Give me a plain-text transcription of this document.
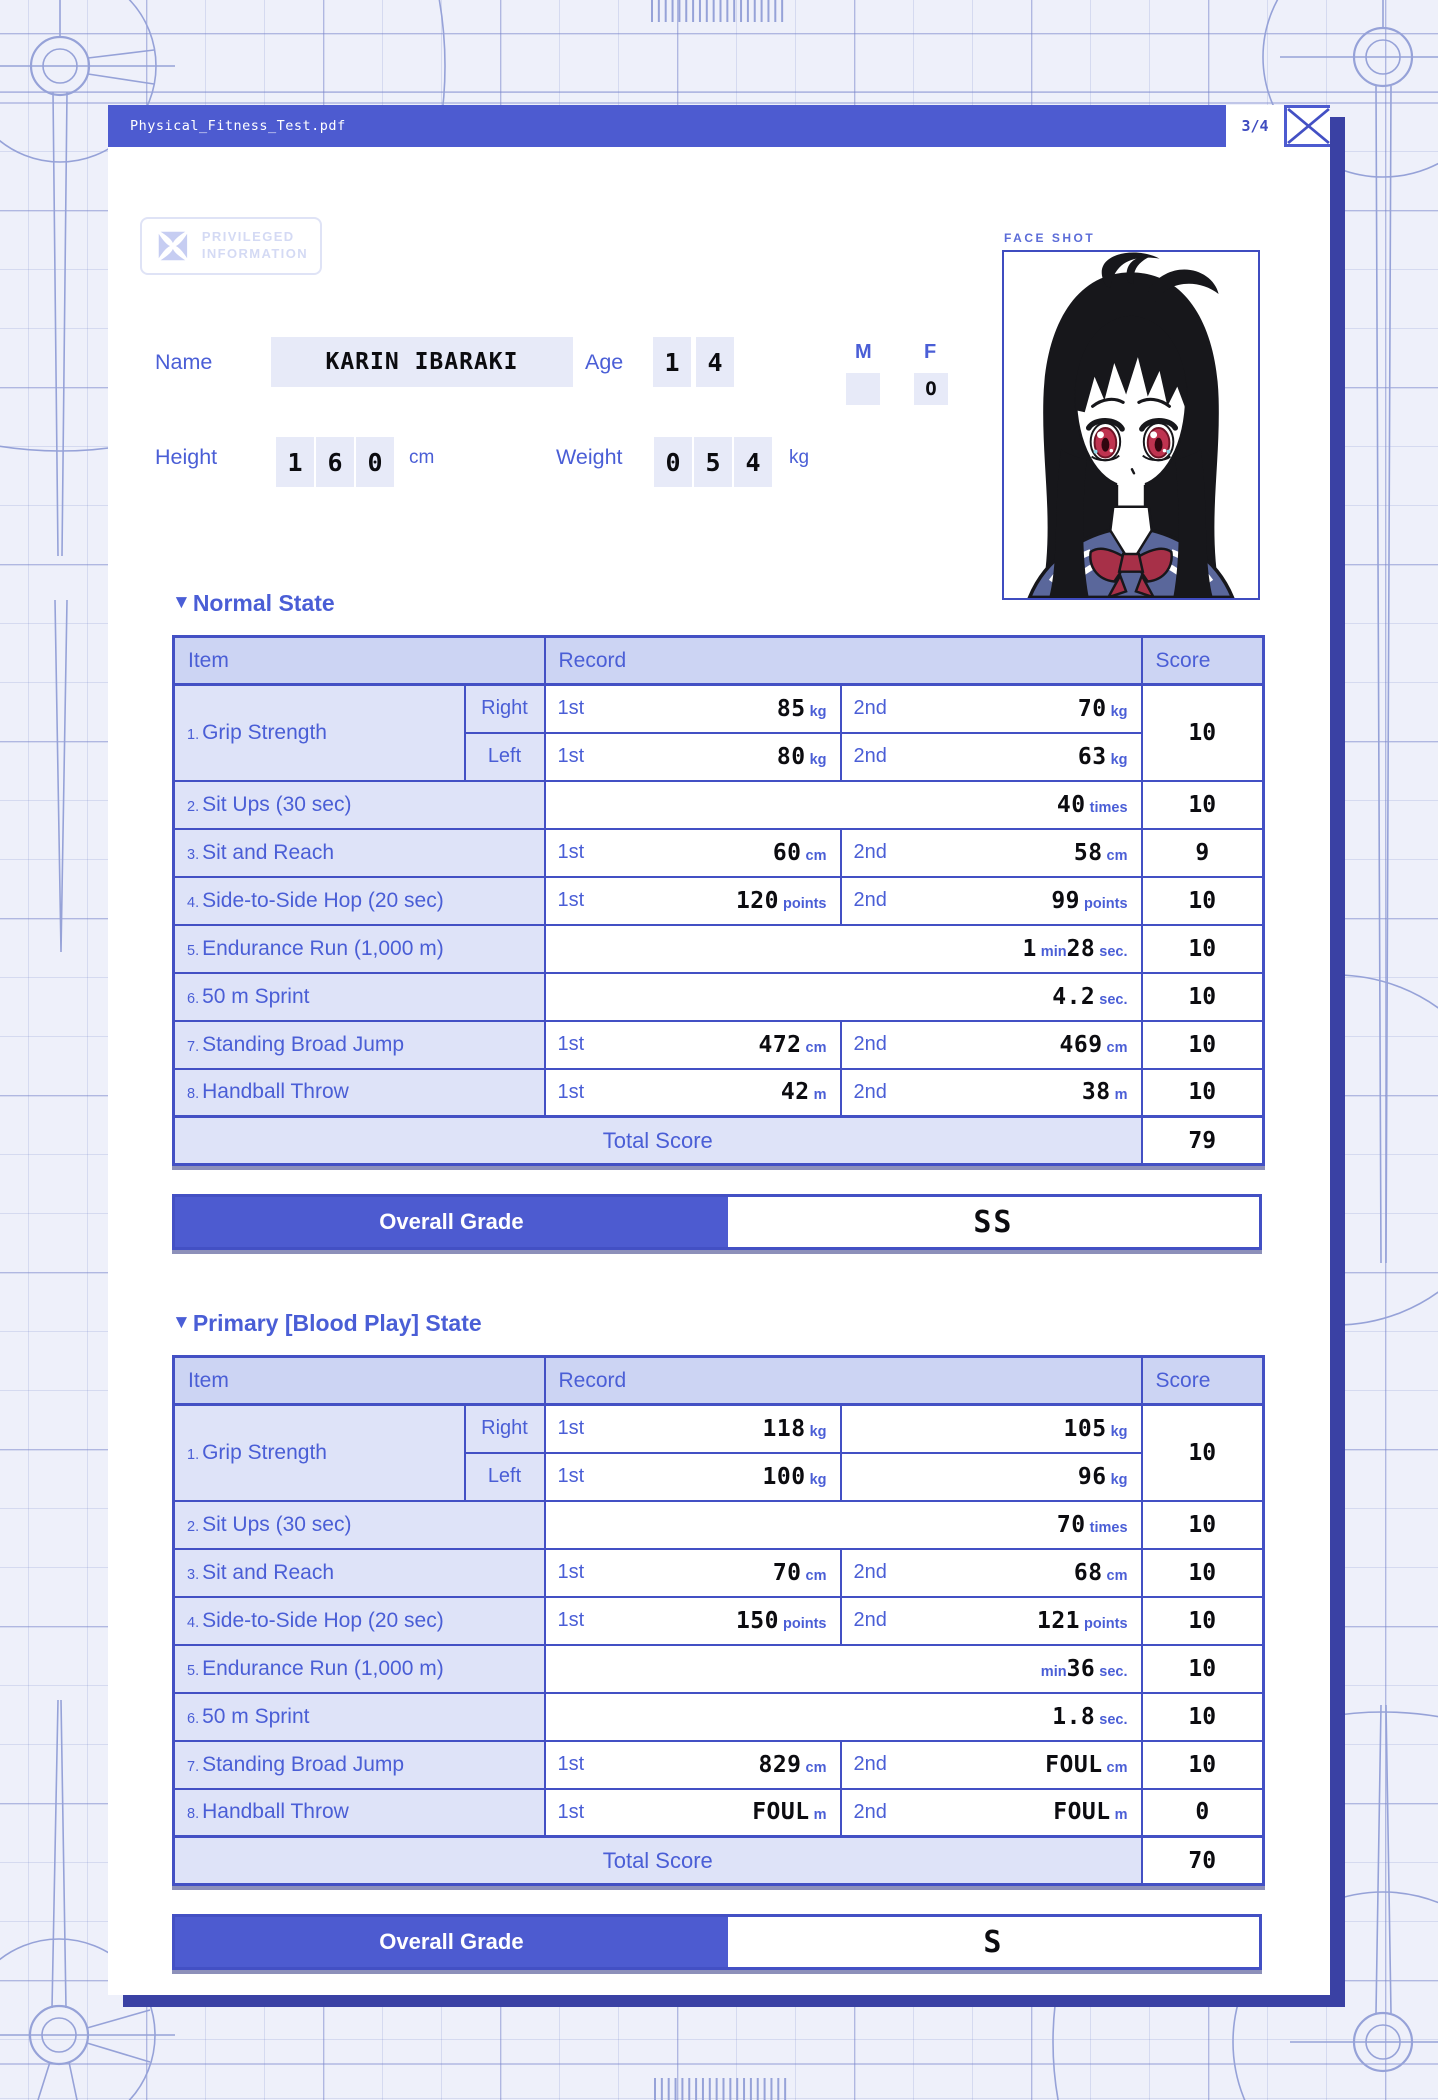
Physical_Fitness_Test.pdf	3/4
PRIVILEGED
INFORMATION
FACE SHOT
Name	KARIN IBARAKI	Age	1	4	M	F
O
Height	1 6 0	cm	Weight	0 5 4	kg
▼ Normal State
Item		Record		Score
1. Grip Strength	Right	1st 85 kg	2nd 70 kg	10
	Left	1st 80 kg	2nd 63 kg	

2. Sit Ups (30 sec)		40 times		10
3. Sit and Reach		1st 60 cm	2nd 58 cm	9
4. Side-to-Side Hop (20 sec)		1st 120 points	2nd 99 points	10
5. Endurance Run (1,000 m)		1 min 28 sec.		10
6. 50 m Sprint		4.2 sec.		10
7. Standing Broad Jump		1st 472 cm	2nd 469 cm	10
8. Handball Throw		1st 42 m	2nd 38 m	10
Total Score				79
Overall Grade	SS
▼ Primary [Blood Play] State
Item		Record		Score
1. Grip Strength	Right	1st 118 kg	105 kg	10
	Left	1st 100 kg	96 kg	

2. Sit Ups (30 sec)		70 times		10
3. Sit and Reach		1st 70 cm	2nd 68 cm	10
4. Side-to-Side Hop (20 sec)		1st 150 points	2nd 121 points	10
5. Endurance Run (1,000 m)		min 36 sec.		10
6. 50 m Sprint		1.8 sec.		10
7. Standing Broad Jump		1st 829 cm	2nd FOUL cm	10
8. Handball Throw		1st FOUL m	2nd FOUL m	0
Total Score				70
Overall Grade	S
